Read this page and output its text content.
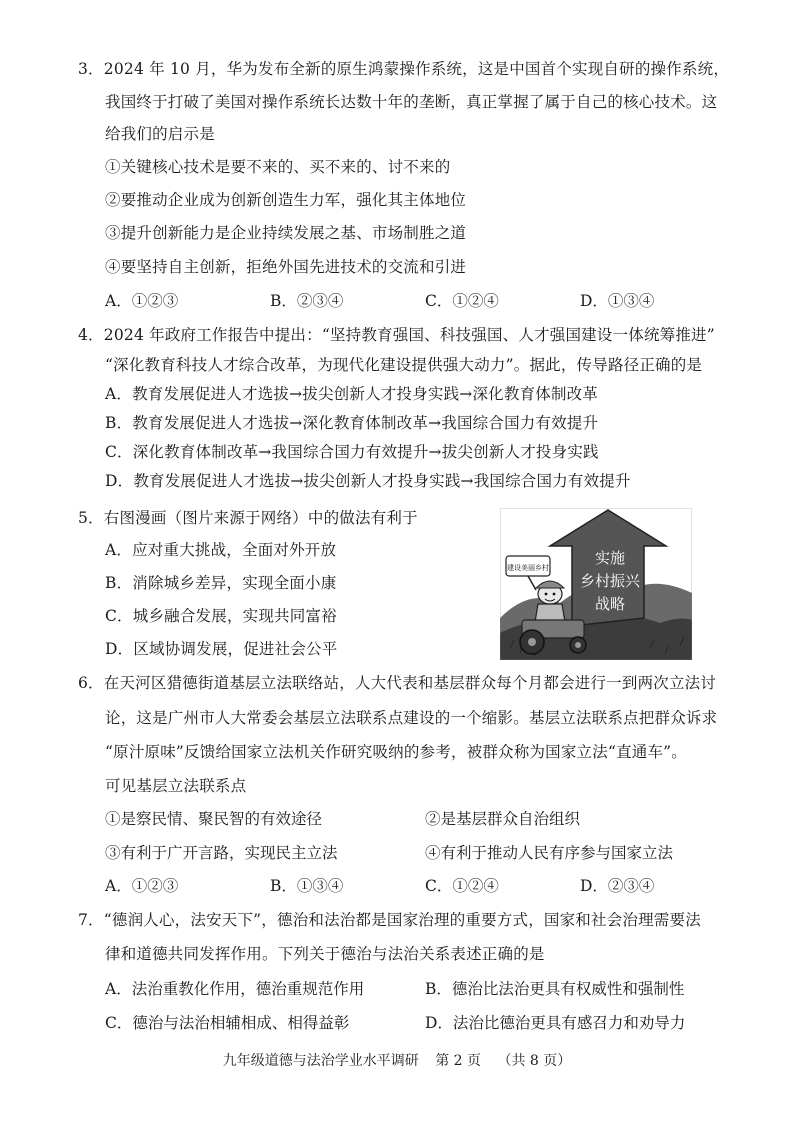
3．2024 年 10 月，华为发布全新的原生鸿蒙操作系统，这是中国首个实现自研的操作系统，
我国终于打破了美国对操作系统长达数十年的垄断，真正掌握了属于自己的核心技术。这
给我们的启示是
①关键核心技术是要不来的、买不来的、讨不来的
②要推动企业成为创新创造生力军，强化其主体地位
③提升创新能力是企业持续发展之基、市场制胜之道
④要坚持自主创新，拒绝外国先进技术的交流和引进
A．①②③	B．②③④	C．①②④	D．①③④
4．2024 年政府工作报告中提出：“坚持教育强国、科技强国、人才强国建设一体统筹推进”
“深化教育科技人才综合改革，为现代化建设提供强大动力”。据此，传导路径正确的是
A．教育发展促进人才选拔→拔尖创新人才投身实践→深化教育体制改革
B．教育发展促进人才选拔→深化教育体制改革→我国综合国力有效提升
C．深化教育体制改革→我国综合国力有效提升→拔尖创新人才投身实践
D．教育发展促进人才选拔→拔尖创新人才投身实践→我国综合国力有效提升
5．右图漫画（图片来源于网络）中的做法有利于
A．应对重大挑战，全面对外开放
B．消除城乡差异，实现全面小康
C．城乡融合发展，实现共同富裕
D．区域协调发展，促进社会公平
实施
乡村振兴
战略
建设美丽乡村
6．在天河区猎德街道基层立法联络站，人大代表和基层群众每个月都会进行一到两次立法讨
论，这是广州市人大常委会基层立法联系点建设的一个缩影。基层立法联系点把群众诉求
“原汁原味”反馈给国家立法机关作研究吸纳的参考，被群众称为国家立法“直通车”。
可见基层立法联系点
①是察民情、聚民智的有效途径	②是基层群众自治组织
③有利于广开言路，实现民主立法	④有利于推动人民有序参与国家立法
A．①②③	B．①③④	C．①②④	D．②③④
7．“德润人心，法安天下”，德治和法治都是国家治理的重要方式，国家和社会治理需要法
律和道德共同发挥作用。下列关于德治与法治关系表述正确的是
A．法治重教化作用，德治重规范作用	B．德治比法治更具有权威性和强制性
C．德治与法治相辅相成、相得益彰	D．法治比德治更具有感召力和劝导力
九年级道德与法治学业水平调研 第 2 页 （共 8 页）
